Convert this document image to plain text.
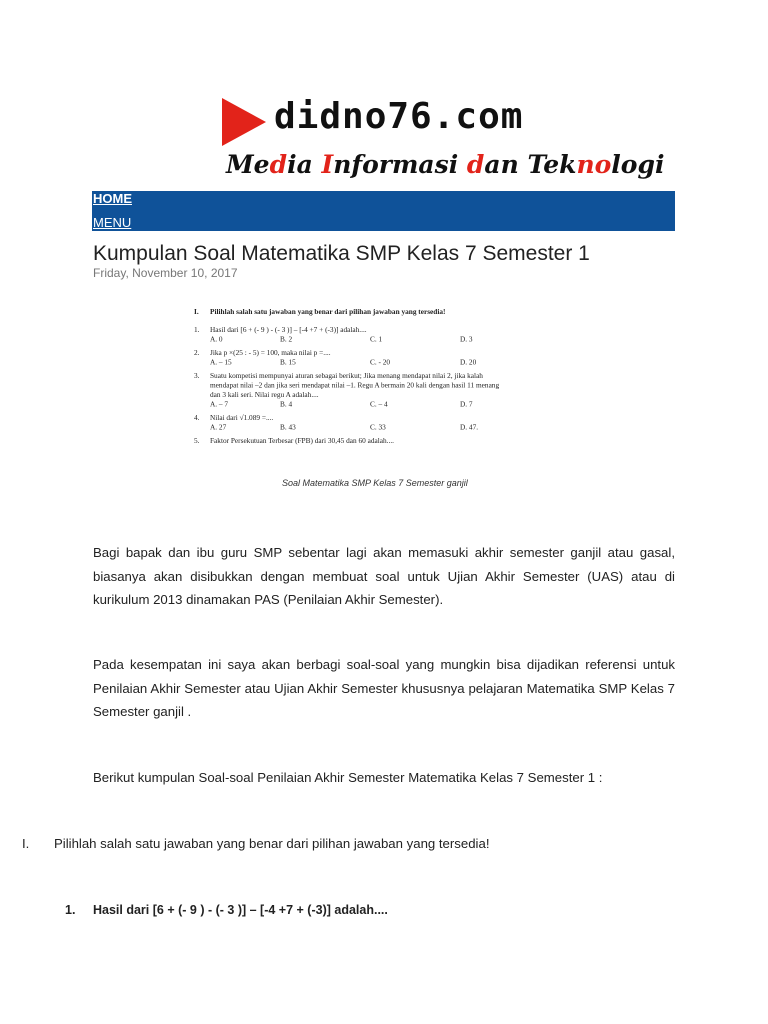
didno76.com
Media Informasi dan Teknologi
HOME
MENU
Kumpulan Soal Matematika SMP Kelas 7 Semester 1
Friday, November 10, 2017
I. Pilihlah salah satu jawaban yang benar dari pilihan jawaban yang tersedia!
1. Hasil dari [6 + (- 9 ) - (- 3 )] – [-4 +7 + (-3)] adalah....
A. 0	B. 2	C. 1	D. 3
2. Jika p ×(25 : - 5) = 100, maka nilai p =....
A. – 15	B. 15	C. - 20	D. 20
3. Suatu kompetisi mempunyai aturan sebagai berikut; Jika menang mendapat nilai 2, jika kalah
mendapat nilai –2 dan jika seri mendapat nilai –1. Regu A bermain 20 kali dengan hasil 11 menang
dan 3 kali seri. Nilai regu A adalah....
A. – 7	B. 4	C. – 4	D. 7
4. Nilai dari √1.089 =....
A. 27	B. 43	C. 33	D. 47.
5. Faktor Persekutuan Terbesar (FPB) dari 30,45 dan 60 adalah....
Soal Matematika SMP Kelas 7 Semester ganjil

Bagi bapak dan ibu guru SMP sebentar lagi akan memasuki akhir semester ganjil atau gasal, biasanya akan disibukkan dengan membuat soal untuk Ujian Akhir Semester (UAS) atau di kurikulum 2013 dinamakan PAS (Penilaian Akhir Semester).

Pada kesempatan ini saya akan berbagi soal-soal yang mungkin bisa dijadikan referensi untuk Penilaian Akhir Semester atau Ujian Akhir Semester khususnya pelajaran Matematika SMP Kelas 7 Semester ganjil .

Berikut kumpulan Soal-soal Penilaian Akhir Semester Matematika Kelas 7 Semester 1 :

I. Pilihlah salah satu jawaban yang benar dari pilihan jawaban yang tersedia!
1. Hasil dari [6 + (- 9 ) - (- 3 )] – [-4 +7 + (-3)] adalah....
